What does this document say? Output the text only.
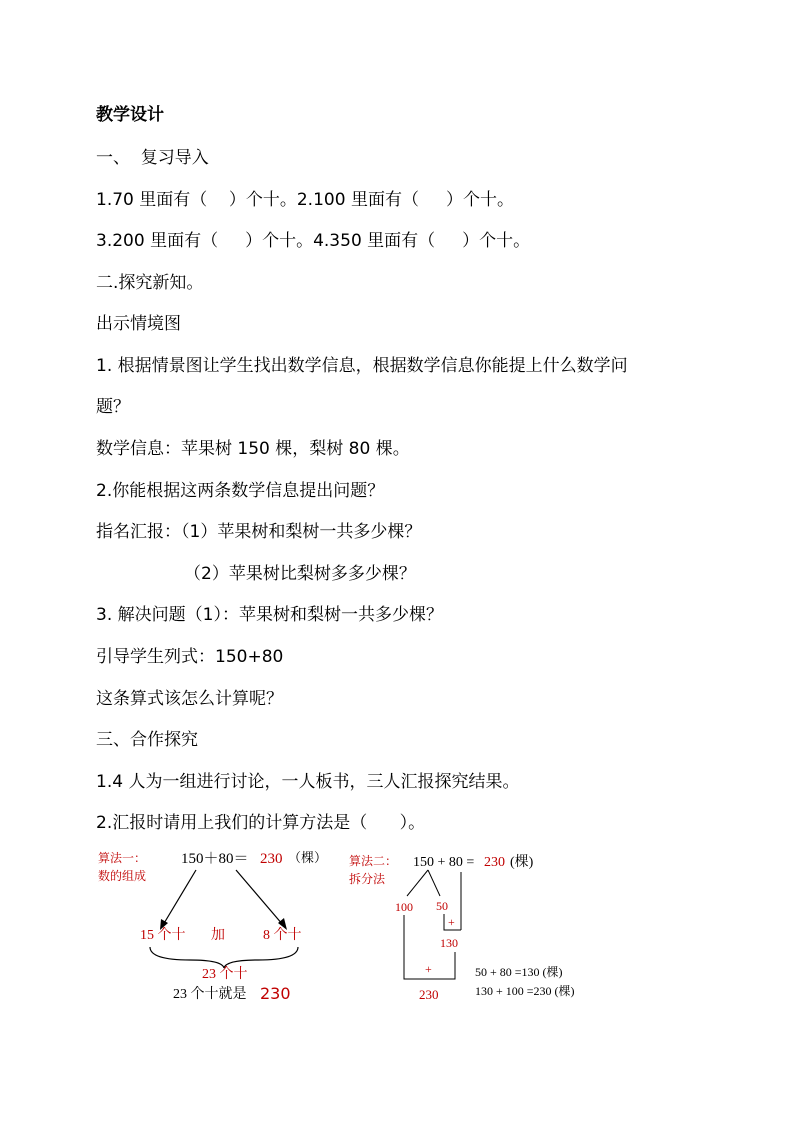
教学设计
一、  复习导入
1.70 里面有（    ）个十。2.100 里面有（     ）个十。
3.200 里面有（     ）个十。4.350 里面有（     ）个十。
二.探究新知。
出示情境图
1. 根据情景图让学生找出数学信息，根据数学信息你能提上什么数学问
题？
数学信息：苹果树 150 棵，梨树 80 棵。
2.你能根据这两条数学信息提出问题？
指名汇报：（1）苹果树和梨树一共多少棵？
（2）苹果树比梨树多多少棵？
3. 解决问题（1）：苹果树和梨树一共多少棵？
引导学生列式：150+80
这条算式该怎么计算呢？
三、合作探究
1.4 人为一组进行讨论，一人板书，三人汇报探究结果。
2.汇报时请用上我们的计算方法是（      ）。
算法一：
数的组成
150＋80＝ 230 （棵）
15 个十 加	8 个十
23 个十
23 个十就是 230
算法二：
拆分法
150 + 80 = 230 (棵)
100 50
+
130
+
230
50 + 80 =130 (棵)
130 + 100 =230 (棵)
